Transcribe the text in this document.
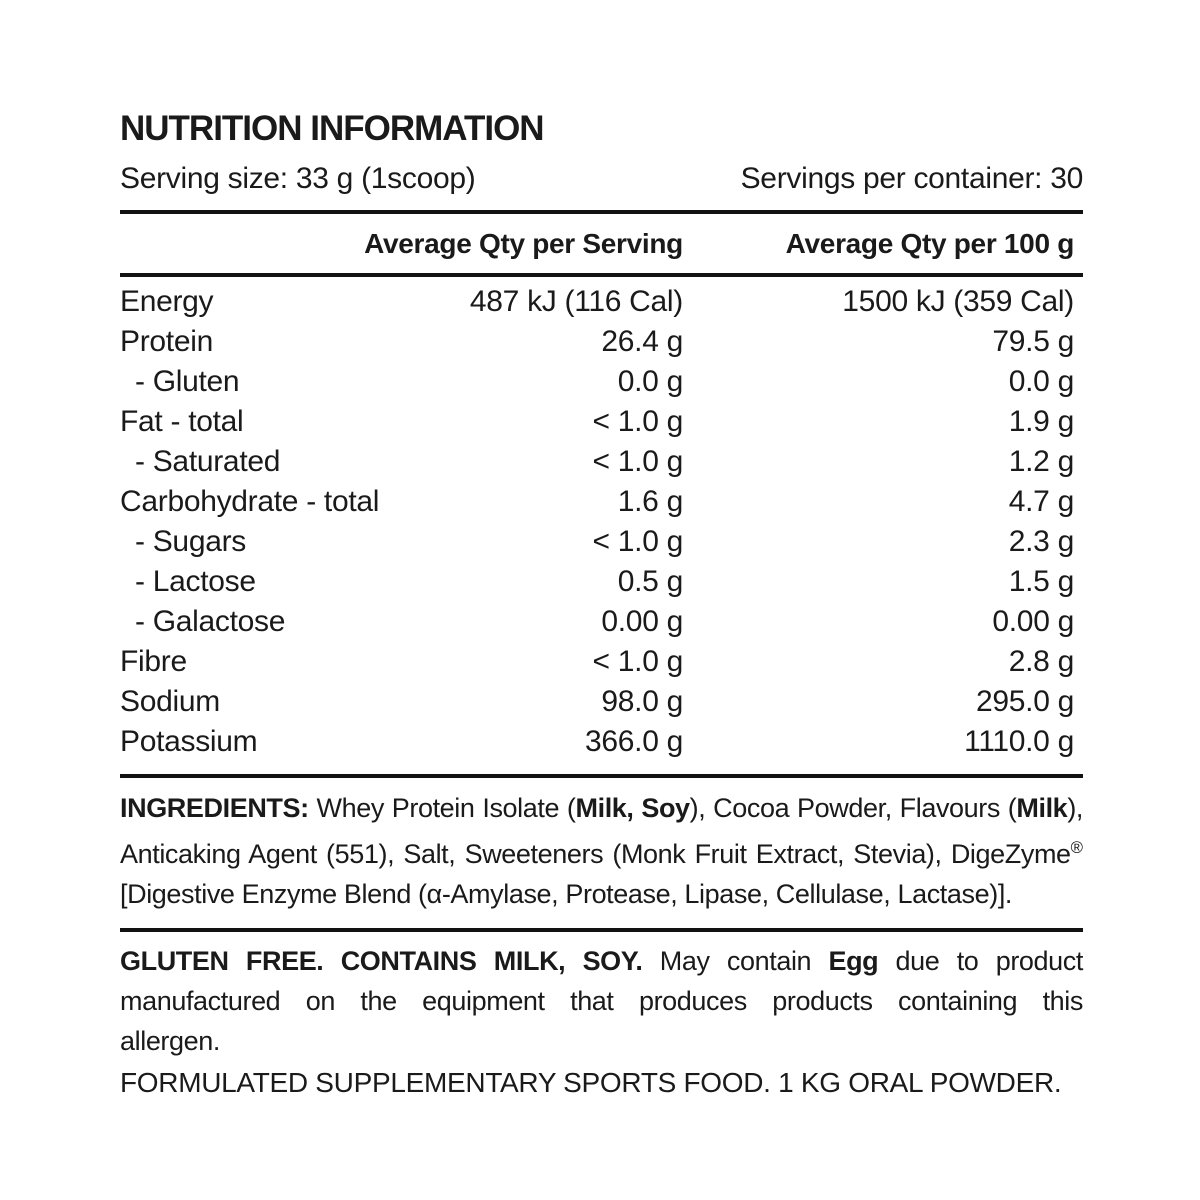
NUTRITION INFORMATION
Serving size: 33 g (1scoop)	Servings per container: 30
Average Qty per Serving	Average Qty per 100 g
Energy	487 kJ (116 Cal)	1500 kJ (359 Cal)
Protein	26.4 g	79.5 g
- Gluten	0.0 g	0.0 g
Fat - total	< 1.0 g	1.9 g
- Saturated	< 1.0 g	1.2 g
Carbohydrate - total	1.6 g	4.7 g
- Sugars	< 1.0 g	2.3 g
- Lactose	0.5 g	1.5 g
- Galactose	0.00 g	0.00 g
Fibre	< 1.0 g	2.8 g
Sodium	98.0 g	295.0 g
Potassium	366.0 g	1110.0 g
INGREDIENTS: Whey Protein Isolate (Milk, Soy), Cocoa Powder, Flavours (Milk),
Anticaking Agent (551), Salt, Sweeteners (Monk Fruit Extract, Stevia), DigeZyme®
[Digestive Enzyme Blend (α-Amylase, Protease, Lipase, Cellulase, Lactase)].
GLUTEN FREE. CONTAINS MILK, SOY. May contain Egg due to product
manufactured on the equipment that produces products containing this
allergen.
FORMULATED SUPPLEMENTARY SPORTS FOOD. 1 KG ORAL POWDER.
